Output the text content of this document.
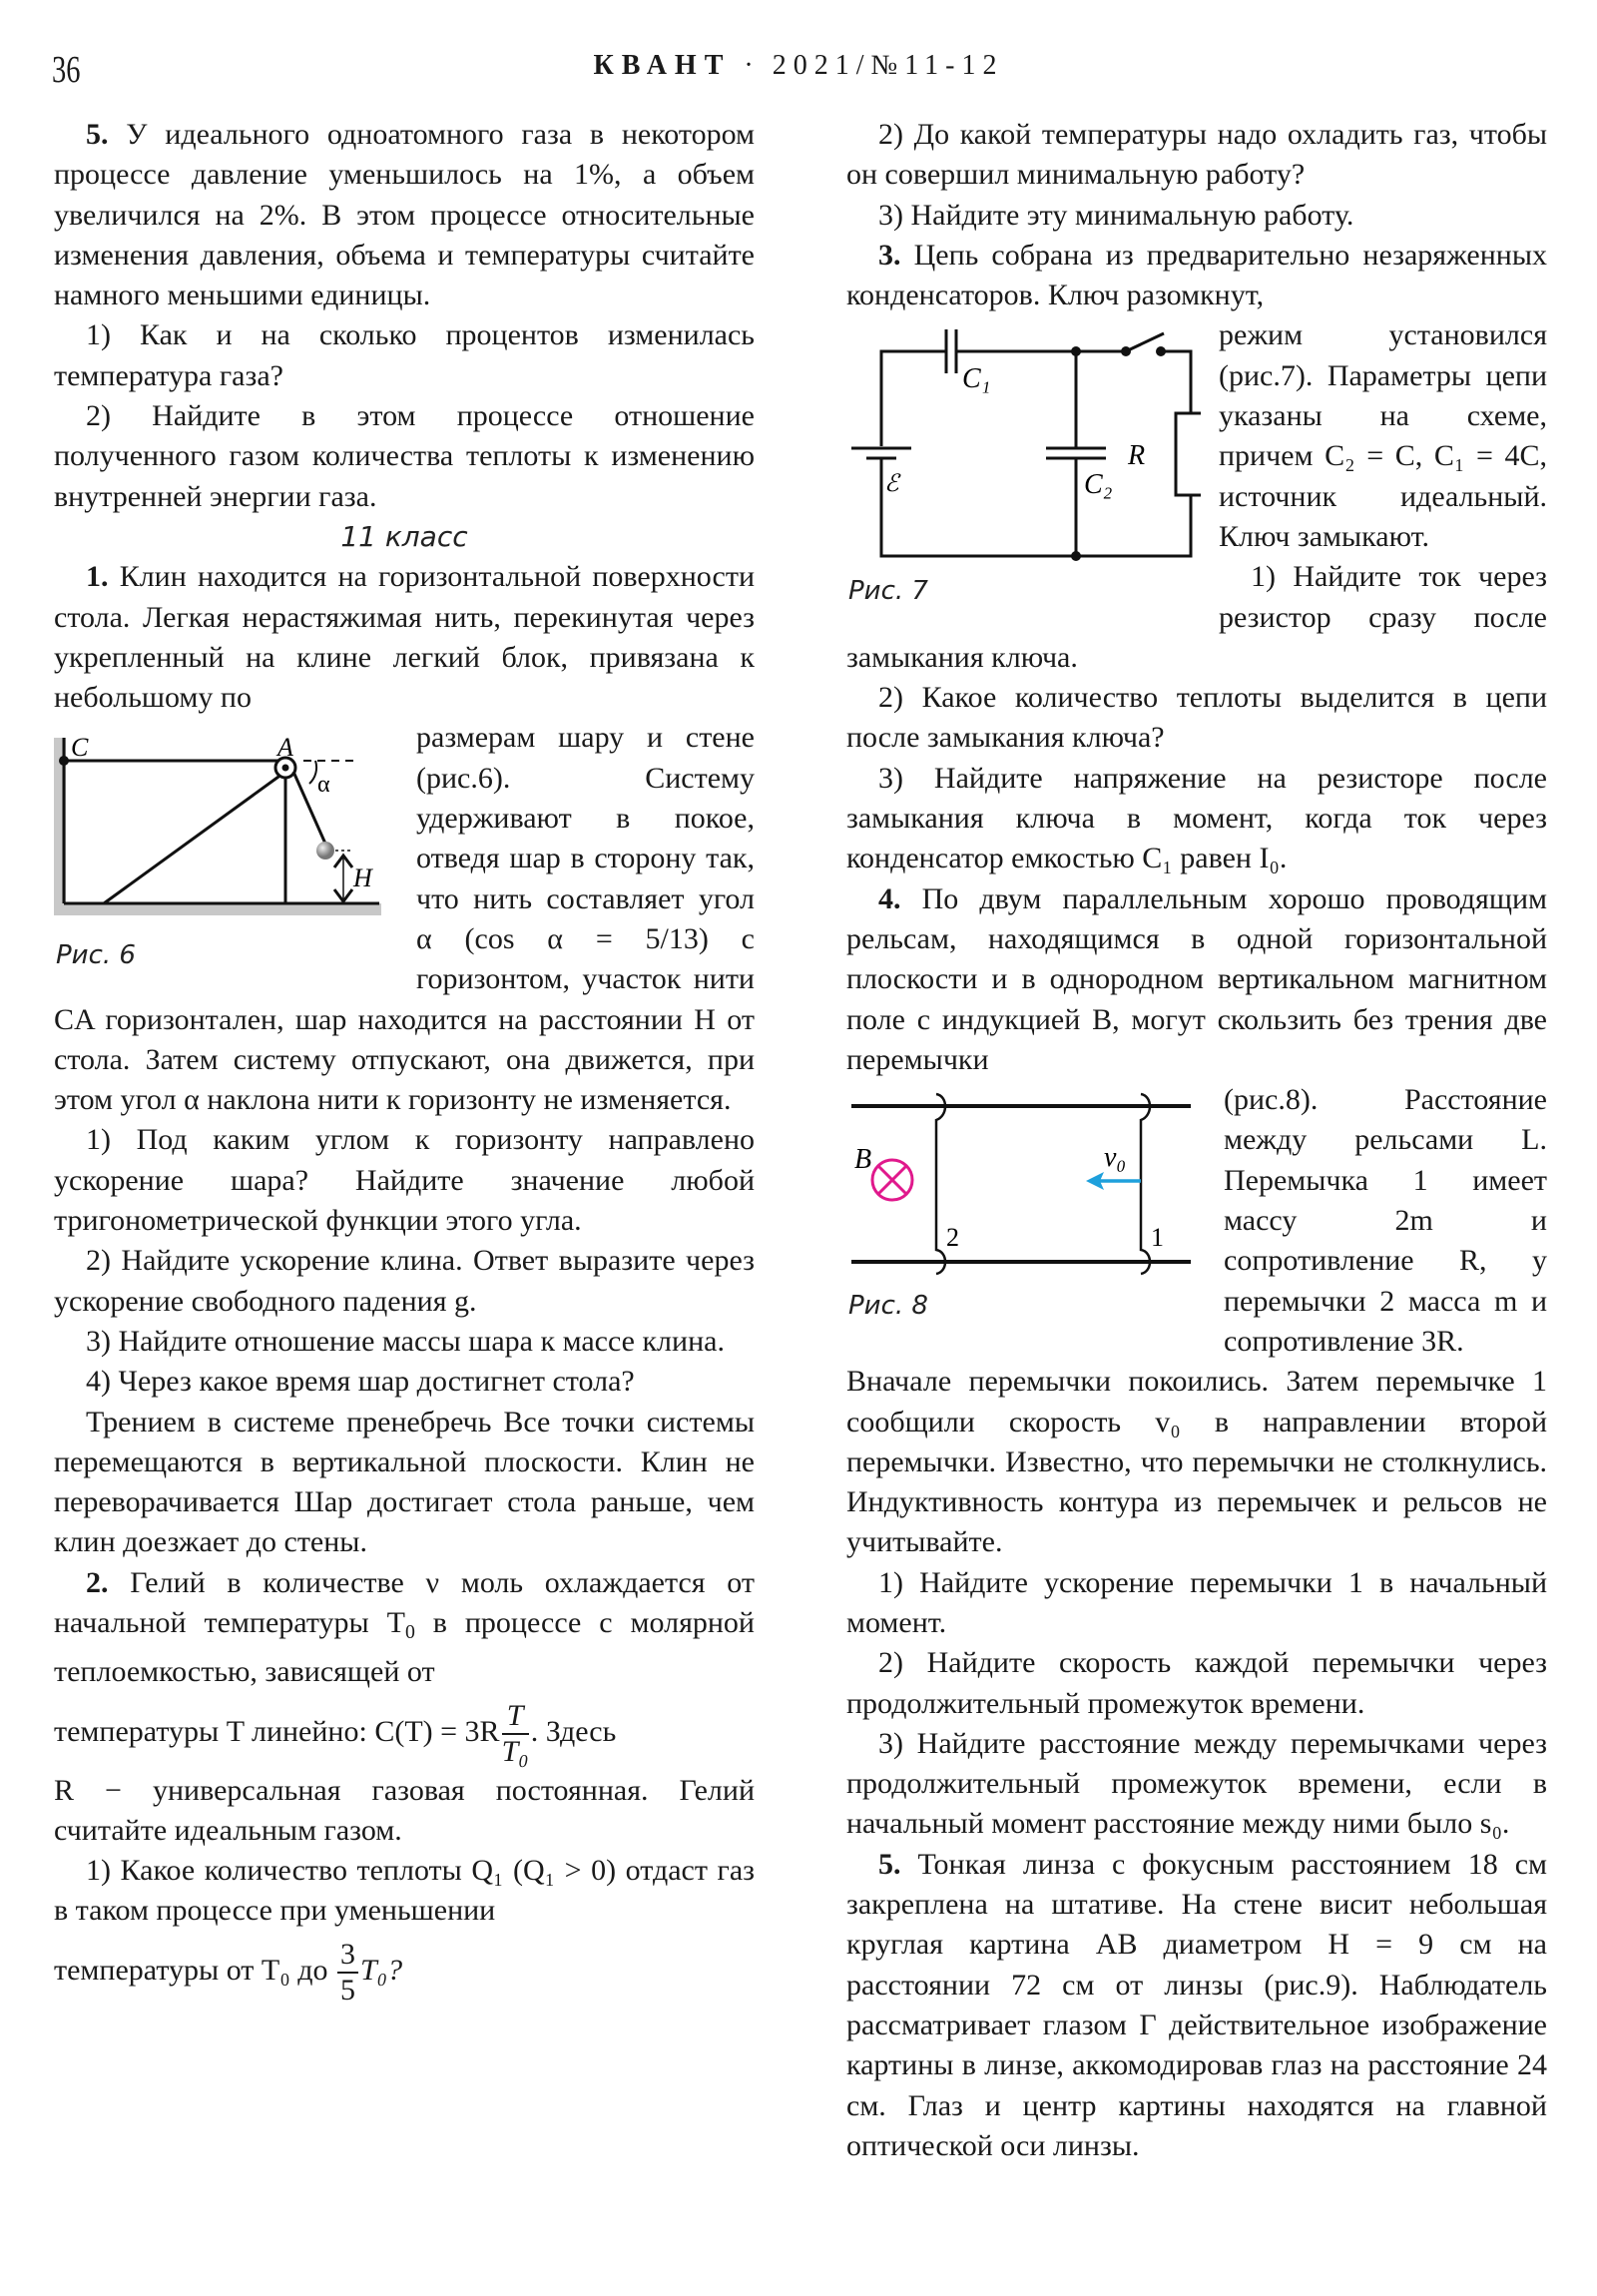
36	КВАНТ · 2021/№11-12

5. У идеального одноатомного газа в некотором процессе давление уменьшилось на 1%, а объем увеличился на 2%. В этом процессе относительные изменения давления, объема и температуры считайте намного меньшими единицы.

1) Как и на сколько процентов изменилась температура газа?

2) Найдите в этом процессе отношение полученного газом количества теплоты к изменению внутренней энергии газа.

11 класс

1. Клин находится на горизонтальной поверхности стола. Легкая нерастяжимая нить, перекинутая через укрепленный на клине легкий блок, привязана к небольшому по

C	A
α
H
Рис. 6

размерам шару и стене (рис.6). Систему удерживают в покое, отведя шар в сторону так, что нить составляет угол α (cos α = 5/13) с горизонтом, участок нити CA горизонтален, шар находится на расстоянии H от стола. Затем систему отпускают, она движется, при этом угол α наклона нити к горизонту не изменяется.

1) Под каким углом к горизонту направлено ускорение шара? Найдите значение любой тригонометрической функции этого угла.

2) Найдите ускорение клина. Ответ выразите через ускорение свободного падения g.

3) Найдите отношение массы шара к массе клина.

4) Через какое время шар достигнет стола?

Трением в системе пренебречь Все точки системы перемещаются в вертикальной плоскости. Клин не переворачивается Шар достигает стола раньше, чем клин доезжает до стены.

2. Гелий в количестве ν моль охлаждается от начальной температуры $T_0$ в процессе с молярной теплоемкостью, зависящей от

температуры T линейно: $C(T) = 3R \frac{T}{\text{T₀}}$ . Здесь

R − универсальная газовая постоянная. Гелий считайте идеальным газом.

1) Какое количество теплоты Q₁ (Q₁ > 0) отдаст газ в таком процессе при уменьшении

температуры от T₀ до $\frac{3}{5} T_0$?

2) До какой температуры надо охладить газ, чтобы он совершил минимальную работу?

3) Найдите эту минимальную работу.

3. Цепь собрана из предварительно незаряженных конденсаторов. Ключ разомкнут,

C₁
C₂
R
ℰ
Рис. 7

режим установился (рис.7). Параметры цепи указаны на схеме, причем C₂ = C, C₁ = 4C, источник идеальный. Ключ замыкают.

1) Найдите ток через резистор сразу после замыкания ключа.

2) Какое количество теплоты выделится в цепи после замыкания ключа?

3) Найдите напряжение на резисторе после замыкания ключа в момент, когда ток через конденсатор емкостью C₁ равен I₀.

4. По двум параллельным хорошо проводящим рельсам, находящимся в одной горизонтальной плоскости и в однородном вертикальном магнитном поле с индукцией B, могут скользить без трения две перемычки

B	v₀
2	1
Рис. 8

(рис.8). Расстояние между рельсами L. Перемычка 1 имеет массу 2m и сопротивление R, у перемычки 2 масса m и сопротивление 3R.

Вначале перемычки покоились. Затем перемычке 1 сообщили скорость v₀ в направлении второй перемычки. Известно, что перемычки не столкнулись. Индуктивность контура из перемычек и рельсов не учитывайте.

1) Найдите ускорение перемычки 1 в начальный момент.

2) Найдите скорость каждой перемычки через продолжительный промежуток времени.

3) Найдите расстояние между перемычками через продолжительный промежуток времени, если в начальный момент расстояние между ними было s₀.

5. Тонкая линза с фокусным расстоянием 18 см закреплена на штативе. На стене висит небольшая круглая картина AB диаметром H = 9 см на расстоянии 72 см от линзы (рис.9). Наблюдатель рассматривает глазом Г действительное изображение картины в линзе, аккомодировав глаз на расстояние 24 см. Глаз и центр картины находятся на главной оптической оси линзы.
